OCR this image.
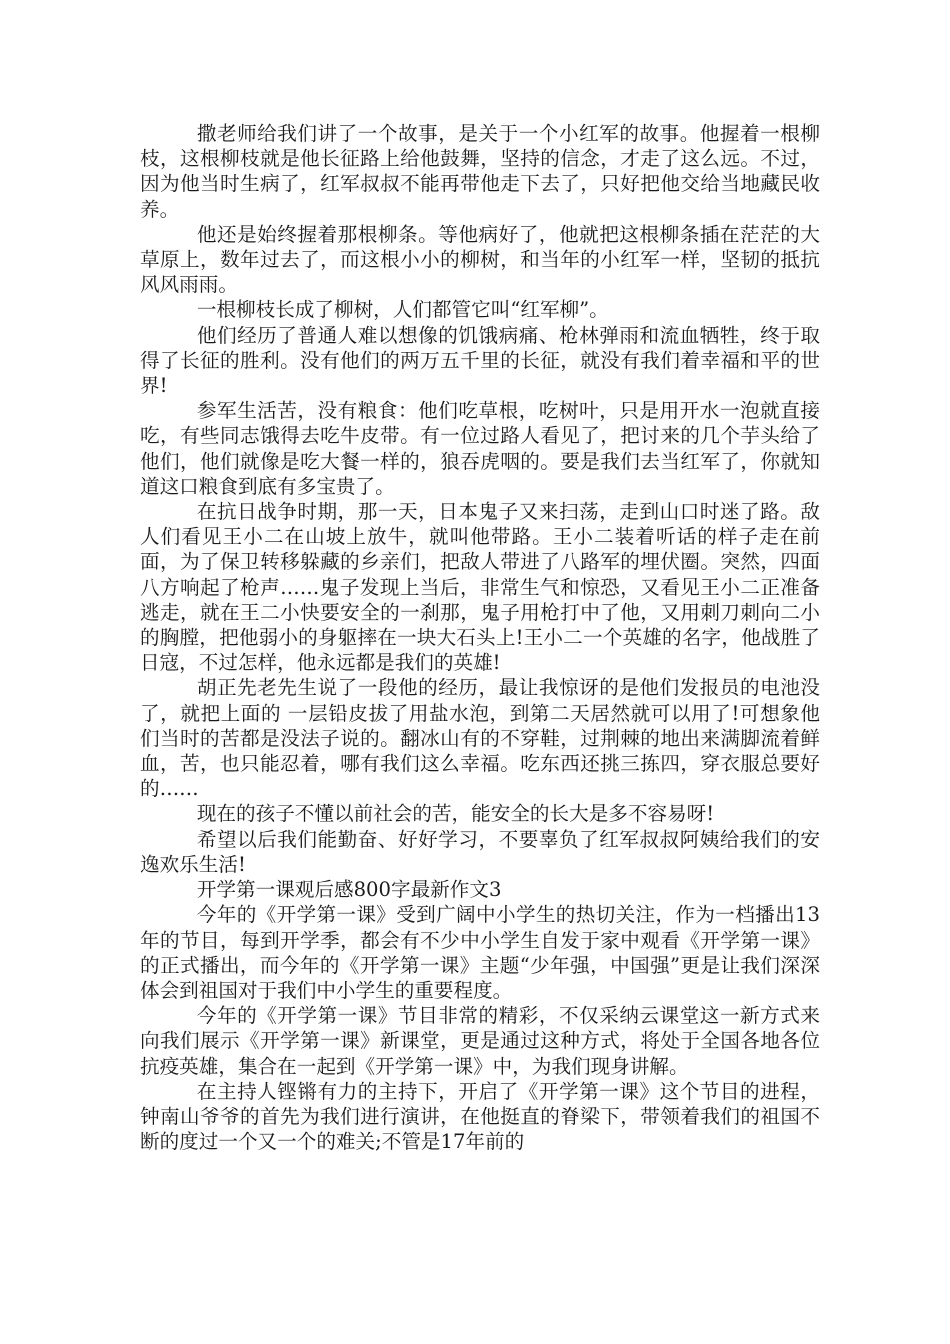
撒老师给我们讲了一个故事，是关于一个小红军的故事。他握着一根柳枝，这根柳枝就是他长征路上给他鼓舞，坚持的信念，才走了这么远。不过，因为他当时生病了，红军叔叔不能再带他走下去了，只好把他交给当地藏民收养。

他还是始终握着那根柳条。等他病好了，他就把这根柳条插在茫茫的大草原上，数年过去了，而这根小小的柳树，和当年的小红军一样，坚韧的抵抗风风雨雨。

一根柳枝长成了柳树，人们都管它叫“红军柳”。

他们经历了普通人难以想像的饥饿病痛、枪林弹雨和流血牺牲，终于取得了长征的胜利。没有他们的两万五千里的长征，就没有我们着幸福和平的世界!

参军生活苦，没有粮食：他们吃草根，吃树叶，只是用开水一泡就直接吃，有些同志饿得去吃牛皮带。有一位过路人看见了，把讨来的几个芋头给了他们，他们就像是吃大餐一样的，狼吞虎咽的。要是我们去当红军了，你就知道这口粮食到底有多宝贵了。

在抗日战争时期，那一天，日本鬼子又来扫荡，走到山口时迷了路。敌人们看见王小二在山坡上放牛，就叫他带路。王小二装着听话的样子走在前面，为了保卫转移躲藏的乡亲们，把敌人带进了八路军的埋伏圈。突然，四面八方响起了枪声……鬼子发现上当后，非常生气和惊恐，又看见王小二正准备逃走，就在王二小快要安全的一刹那，鬼子用枪打中了他，又用刺刀刺向二小的胸膛，把他弱小的身躯摔在一块大石头上!王小二一个英雄的名字，他战胜了日寇，不过怎样，他永远都是我们的英雄!

胡正先老先生说了一段他的经历，最让我惊讶的是他们发报员的电池没了，就把上面的 一层铅皮拔了用盐水泡，到第二天居然就可以用了!可想象他们当时的苦都是没法子说的。翻冰山有的不穿鞋，过荆棘的地出来满脚流着鲜血，苦，也只能忍着，哪有我们这么幸福。吃东西还挑三拣四，穿衣服总要好的……

现在的孩子不懂以前社会的苦，能安全的长大是多不容易呀!

希望以后我们能勤奋、好好学习，不要辜负了红军叔叔阿姨给我们的安逸欢乐生活!

开学第一课观后感800字最新作文3

今年的《开学第一课》受到广阔中小学生的热切关注，作为一档播出13年的节目，每到开学季，都会有不少中小学生自发于家中观看《开学第一课》的正式播出，而今年的《开学第一课》主题“少年强，中国强”更是让我们深深体会到祖国对于我们中小学生的重要程度。

今年的《开学第一课》节目非常的精彩，不仅采纳云课堂这一新方式来向我们展示《开学第一课》新课堂，更是通过这种方式，将处于全国各地各位抗疫英雄，集合在一起到《开学第一课》中，为我们现身讲解。

在主持人铿锵有力的主持下，开启了《开学第一课》这个节目的进程，钟南山爷爷的首先为我们进行演讲，在他挺直的脊梁下，带领着我们的祖国不断的度过一个又一个的难关;不管是17年前的
